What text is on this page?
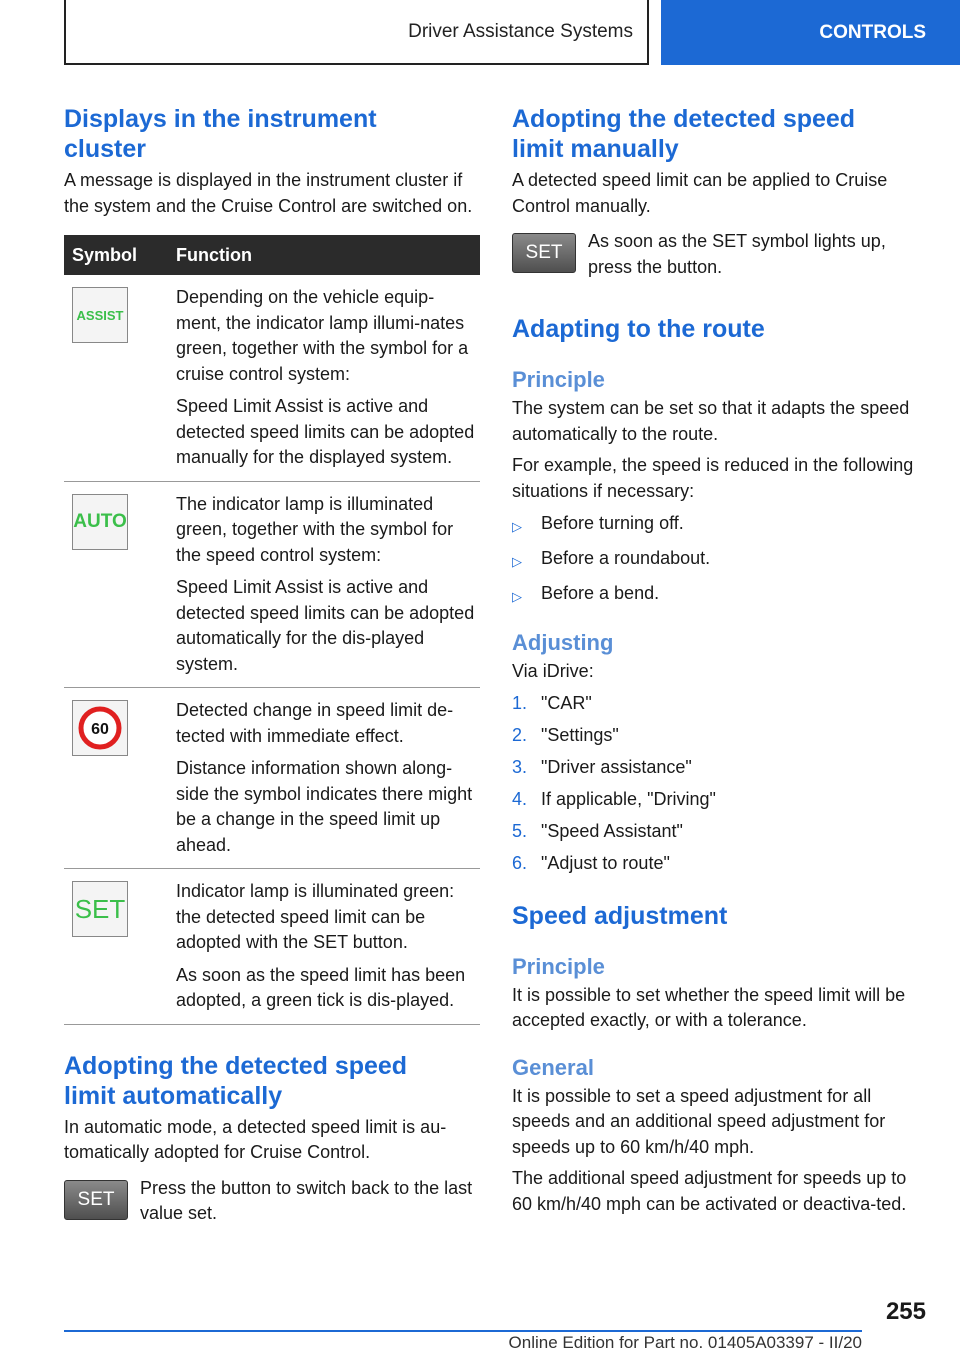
Driver Assistance Systems	CONTROLS
Displays in the instrument
cluster

A message is displayed in the instrument cluster if the system and the Cruise Control are switched on.

Symbol	Function

ASSIST	Depending on the vehicle equip-ment, the indicator lamp illumi-nates green, together with the symbol for a cruise control system:

Speed Limit Assist is active and detected speed limits can be adopted manually for the displayed system.

AUTO	The indicator lamp is illuminated green, together with the symbol for the speed control system:

Speed Limit Assist is active and detected speed limits can be adopted automatically for the dis-played system.

60	Detected change in speed limit de-tected with immediate effect.

Distance information shown along-side the symbol indicates there might be a change in the speed limit up ahead.

SET	Indicator lamp is illuminated green: the detected speed limit can be adopted with the SET button.

As soon as the speed limit has been adopted, a green tick is dis-played.

Adopting the detected speed
limit automatically

In automatic mode, a detected speed limit is au-tomatically adopted for Cruise Control.

SET

Press the button to switch back to the last value set.

Adopting the detected speed
limit manually

A detected speed limit can be applied to Cruise Control manually.

SET

As soon as the SET symbol lights up, press the button.

Adapting to the route
Principle

The system can be set so that it adapts the speed automatically to the route.

For example, the speed is reduced in the following situations if necessary:

▷	Before turning off.
▷	Before a roundabout.
▷	Before a bend.
Adjusting

Via iDrive:

1. "CAR"
2. "Settings"
3. "Driver assistance"
4. If applicable, "Driving"
5. "Speed Assistant"
6. "Adjust to route"
Speed adjustment
Principle

It is possible to set whether the speed limit will be accepted exactly, or with a tolerance.

General

It is possible to set a speed adjustment for all speeds and an additional speed adjustment for speeds up to 60 km/h/40 mph.

The additional speed adjustment for speeds up to 60 km/h/40 mph can be activated or deactiva-ted.

255
Online Edition for Part no. 01405A03397 - II/20
